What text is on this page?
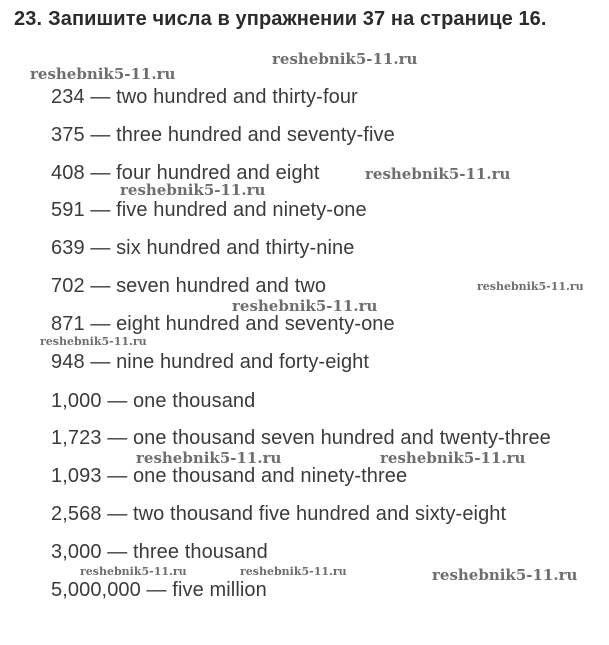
23. Запишите числа в упражнении 37 на странице 16.
234 — two hundred and thirty-four
375 — three hundred and seventy-five
408 — four hundred and eight
591 — five hundred and ninety-one
639 — six hundred and thirty-nine
702 — seven hundred and two
871 — eight hundred and seventy-one
948 — nine hundred and forty-eight
1,000 — one thousand
1,723 — one thousand seven hundred and twenty-three
1,093 — one thousand and ninety-three
2,568 — two thousand five hundred and sixty-eight
3,000 — three thousand
5,000,000 — five million
reshebnik5-11.ru
reshebnik5-11.ru
reshebnik5-11.ru
reshebnik5-11.ru
reshebnik5-11.ru
reshebnik5-11.ru
reshebnik5-11.ru
reshebnik5-11.ru	reshebnik5-11.ru
reshebnik5-11.ru	reshebnik5-11.ru	reshebnik5-11.ru
